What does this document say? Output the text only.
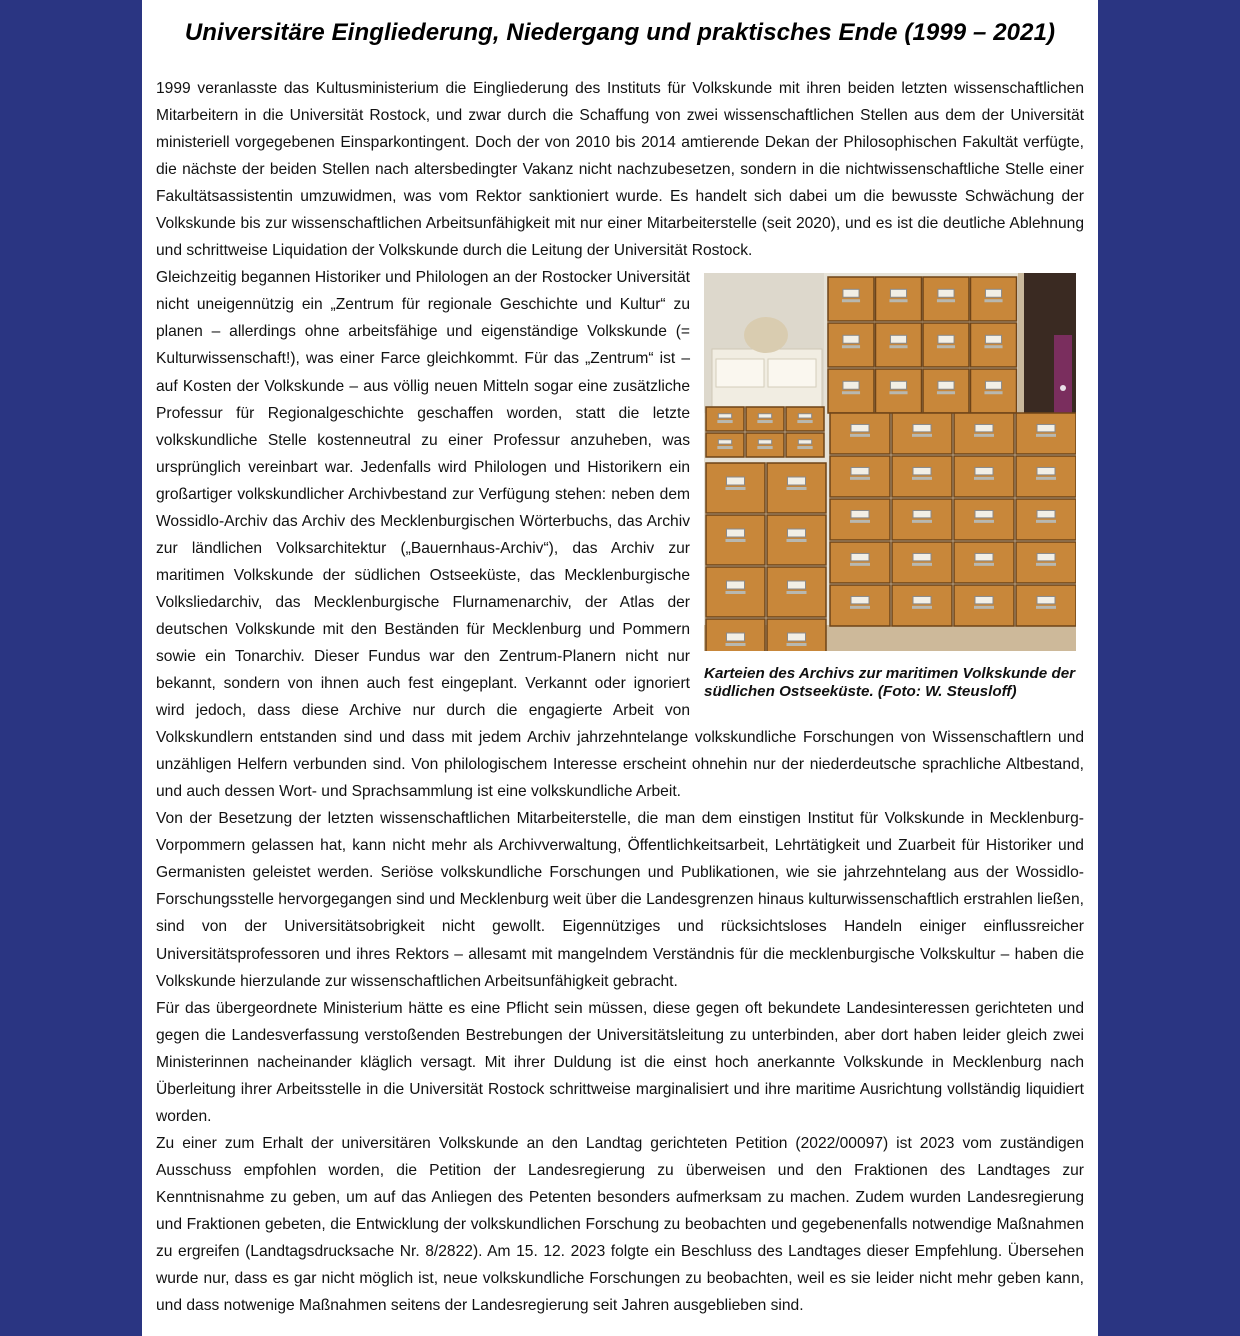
Universitäre Eingliederung, Niedergang und praktisches Ende (1999 – 2021)

1999 veranlasste das Kultusministerium die Eingliederung des Instituts für Volkskunde mit ihren beiden letzten wissenschaftlichen Mitarbeitern in die Universität Rostock, und zwar durch die Schaffung von zwei wissenschaftlichen Stellen aus dem der Universität ministeriell vorgegebenen Einsparkontingent. Doch der von 2010 bis 2014 amtierende Dekan der Philosophischen Fakultät verfügte, die nächste der beiden Stellen nach altersbedingter Vakanz nicht nachzubesetzen, sondern in die nichtwissenschaftliche Stelle einer Fakultätsassistentin umzuwidmen, was vom Rektor sanktioniert wurde. Es handelt sich dabei um die bewusste Schwächung der Volkskunde bis zur wissenschaftlichen Arbeitsunfähigkeit mit nur einer Mitarbeiterstelle (seit 2020), und es ist die deutliche Ablehnung und schrittweise Liquidation der Volkskunde durch die Leitung der Universität Rostock.

Karteien des Archivs zur maritimen Volkskunde der südlichen Ostseeküste. (Foto: W. Steusloff)

Gleichzeitig begannen Historiker und Philologen an der Rostocker Universität nicht uneigennützig ein „Zentrum für regionale Geschichte und Kultur“ zu planen – allerdings ohne arbeitsfähige und eigenständige Volkskunde (= Kulturwissenschaft!), was einer Farce gleichkommt. Für das „Zentrum“ ist – auf Kosten der Volkskunde – aus völlig neuen Mitteln sogar eine zusätzliche Professur für Regionalgeschichte geschaffen worden, statt die letzte volkskundliche Stelle kostenneutral zu einer Professur anzuheben, was ursprünglich vereinbart war. Jedenfalls wird Philologen und Historikern ein großartiger volkskundlicher Archivbestand zur Verfügung stehen: neben dem Wossidlo-Archiv das Archiv des Mecklenburgischen Wörterbuchs, das Archiv zur ländlichen Volksarchitektur („Bauernhaus-Archiv“), das Archiv zur maritimen Volkskunde der südlichen Ostseeküste, das Mecklenburgische Volksliedarchiv, das Mecklenburgische Flurnamenarchiv, der Atlas der deutschen Volkskunde mit den Beständen für Mecklenburg und Pommern sowie ein Tonarchiv. Dieser Fundus war den Zentrum-Planern nicht nur bekannt, sondern von ihnen auch fest eingeplant. Verkannt oder ignoriert wird jedoch, dass diese Archive nur durch die engagierte Arbeit von Volkskundlern entstanden sind und dass mit jedem Archiv jahrzehntelange volkskundliche Forschungen von Wissenschaftlern und unzähligen Helfern verbunden sind. Von philologischem Interesse erscheint ohnehin nur der niederdeutsche sprachliche Altbestand, und auch dessen Wort- und Sprachsammlung ist eine volkskundliche Arbeit.

Von der Besetzung der letzten wissenschaftlichen Mitarbeiterstelle, die man dem einstigen Institut für Volkskunde in Mecklenburg-Vorpommern gelassen hat, kann nicht mehr als Archivverwaltung, Öffentlichkeitsarbeit, Lehrtätigkeit und Zuarbeit für Historiker und Germanisten geleistet werden. Seriöse volkskundliche Forschungen und Publikationen, wie sie jahrzehntelang aus der Wossidlo-Forschungsstelle hervorgegangen sind und Mecklenburg weit über die Landesgrenzen hinaus kulturwissenschaftlich erstrahlen ließen, sind von der Universitätsobrigkeit nicht gewollt. Eigennütziges und rücksichtsloses Handeln einiger einflussreicher Universitätsprofessoren und ihres Rektors – allesamt mit mangelndem Verständnis für die mecklenburgische Volkskultur – haben die Volkskunde hierzulande zur wissenschaftlichen Arbeitsunfähigkeit gebracht.

Für das übergeordnete Ministerium hätte es eine Pflicht sein müssen, diese gegen oft bekundete Landesinteressen gerichteten und gegen die Landesverfassung verstoßenden Bestrebungen der Universitätsleitung zu unterbinden, aber dort haben leider gleich zwei Ministerinnen nacheinander kläglich versagt. Mit ihrer Duldung ist die einst hoch anerkannte Volkskunde in Mecklenburg nach Überleitung ihrer Arbeitsstelle in die Universität Rostock schrittweise marginalisiert und ihre maritime Ausrichtung vollständig liquidiert worden.

Zu einer zum Erhalt der universitären Volkskunde an den Landtag gerichteten Petition (2022/00097) ist 2023 vom zuständigen Ausschuss empfohlen worden, die Petition der Landesregierung zu überweisen und den Fraktionen des Landtages zur Kenntnisnahme zu geben, um auf das Anliegen des Petenten besonders aufmerksam zu machen. Zudem wurden Landesregierung und Fraktionen gebeten, die Entwicklung der volkskundlichen Forschung zu beobachten und gegebenenfalls notwendige Maßnahmen zu ergreifen (Landtagsdrucksache Nr. 8/2822). Am 15. 12. 2023 folgte ein Beschluss des Landtages dieser Empfehlung. Übersehen wurde nur, dass es gar nicht möglich ist, neue volkskundliche Forschungen zu beobachten, weil es sie leider nicht mehr geben kann, und dass notwenige Maßnahmen seitens der Landesregierung seit Jahren ausgeblieben sind.
